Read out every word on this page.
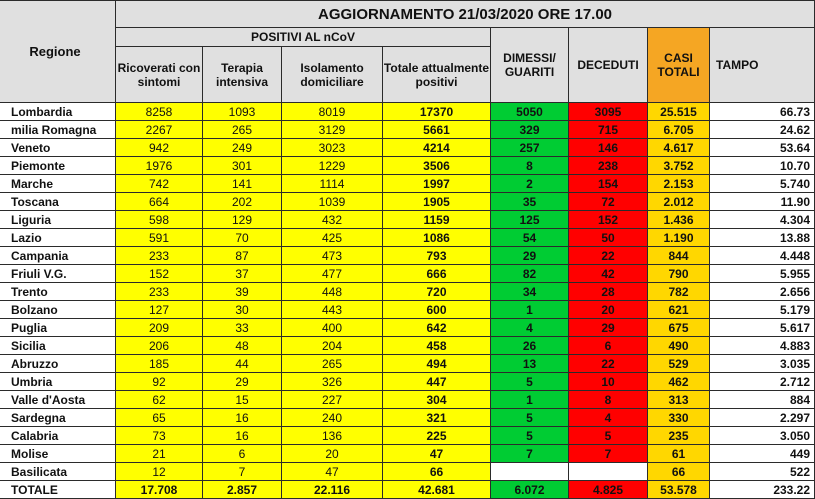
Regione	AGGIORNAMENTO 21/03/2020 ORE 17.00							
	POSITIVI AL nCoV				DIMESSI/ GUARITI	DECEDUTI	CASI TOTALI	TAMPO
	Ricoverati con sintomi	Terapia intensiva	Isolamento domiciliare	Totale attualmente positivi				
Lombardia	8258	1093	8019	17370	5050	3095	25.515	66.73
milia Romagna	2267	265	3129	5661	329	715	6.705	24.62
Veneto	942	249	3023	4214	257	146	4.617	53.64
Piemonte	1976	301	1229	3506	8	238	3.752	10.70
Marche	742	141	1114	1997	2	154	2.153	5.740
Toscana	664	202	1039	1905	35	72	2.012	11.90
Liguria	598	129	432	1159	125	152	1.436	4.304
Lazio	591	70	425	1086	54	50	1.190	13.88
Campania	233	87	473	793	29	22	844	4.448
Friuli V.G.	152	37	477	666	82	42	790	5.955
Trento	233	39	448	720	34	28	782	2.656
Bolzano	127	30	443	600	1	20	621	5.179
Puglia	209	33	400	642	4	29	675	5.617
Sicilia	206	48	204	458	26	6	490	4.883
Abruzzo	185	44	265	494	13	22	529	3.035
Umbria	92	29	326	447	5	10	462	2.712
Valle d'Aosta	62	15	227	304	1	8	313	884
Sardegna	65	16	240	321	5	4	330	2.297
Calabria	73	16	136	225	5	5	235	3.050
Molise	21	6	20	47	7	7	61	449
Basilicata	12	7	47	66			66	522
TOTALE	17.708	2.857	22.116	42.681	6.072	4.825	53.578	233.22
